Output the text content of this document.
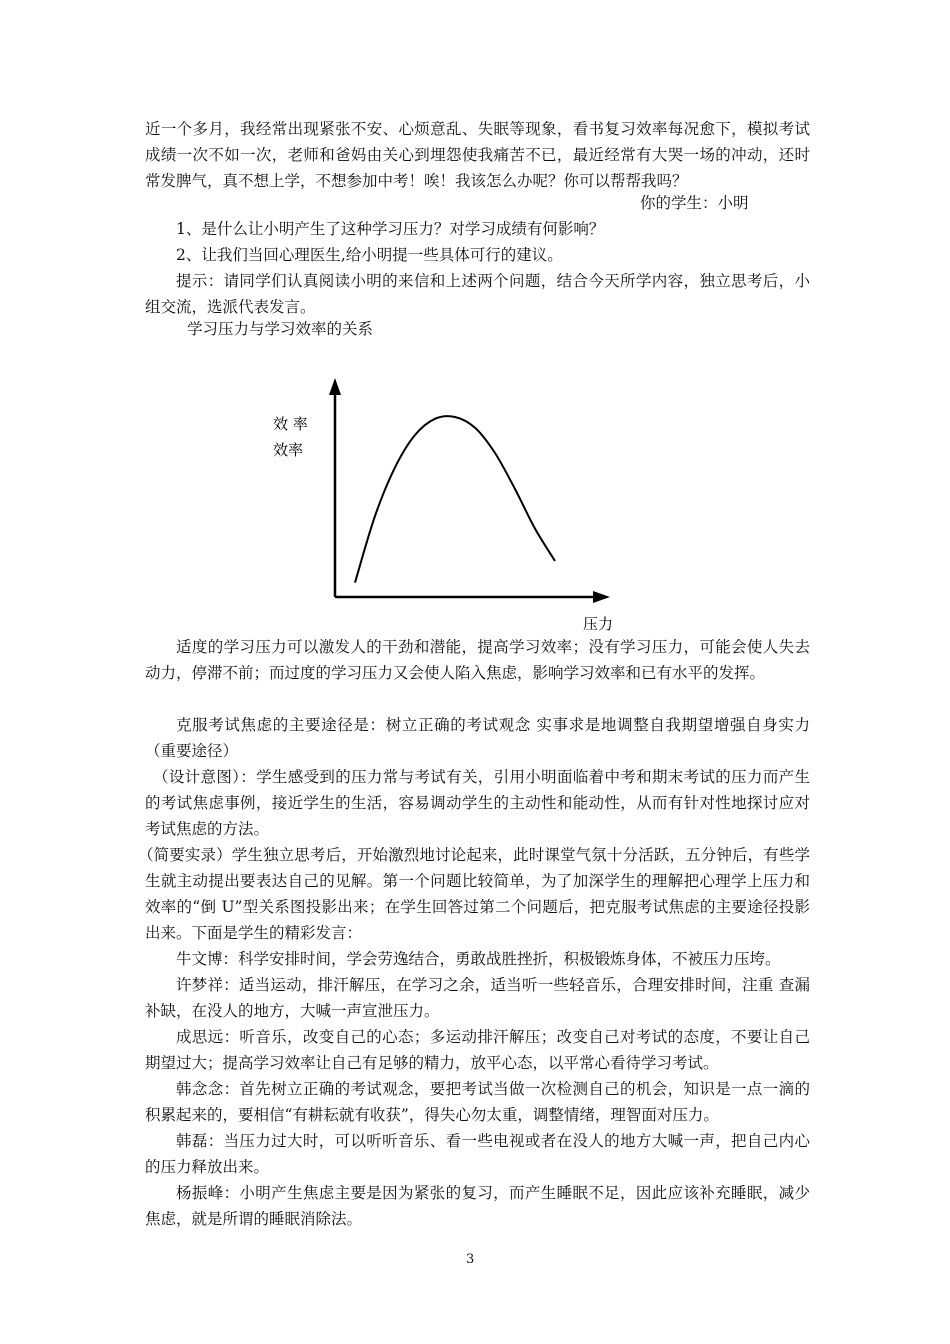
近一个多月，我经常出现紧张不安、心烦意乱、失眠等现象，看书复习效率每况愈下，模拟考试成绩一次不如一次，老师和爸妈由关心到埋怨使我痛苦不已，最近经常有大哭一场的冲动，还时常发脾气，真不想上学，不想参加中考！唉！我该怎么办呢？你可以帮帮我吗？

你的学生：小明

1、是什么让小明产生了这种学习压力？对学习成绩有何影响？

2、让我们当回心理医生,给小明提一些具体可行的建议。

提示：请同学们认真阅读小明的来信和上述两个问题，结合今天所学内容，独立思考后，小组交流，选派代表发言。

学习压力与学习效率的关系
效 率
效率
压力

适度的学习压力可以激发人的干劲和潜能，提高学习效率；没有学习压力，可能会使人失去动力，停滞不前；而过度的学习压力又会使人陷入焦虑，影响学习效率和已有水平的发挥。

克服考试焦虑的主要途径是：树立正确的考试观念 实事求是地调整自我期望增强自身实力（重要途径）

（设计意图）：学生感受到的压力常与考试有关，引用小明面临着中考和期末考试的压力而产生的考试焦虑事例，接近学生的生活，容易调动学生的主动性和能动性，从而有针对性地探讨应对考试焦虑的方法。

（简要实录）学生独立思考后，开始激烈地讨论起来，此时课堂气氛十分活跃，五分钟后，有些学生就主动提出要表达自己的见解。第一个问题比较简单，为了加深学生的理解把心理学上压力和效率的“倒 U”型关系图投影出来；在学生回答过第二个问题后，把克服考试焦虑的主要途径投影出来。下面是学生的精彩发言：

牛文博：科学安排时间，学会劳逸结合，勇敢战胜挫折，积极锻炼身体，不被压力压垮。

许梦祥：适当运动，排汗解压，在学习之余，适当听一些轻音乐，合理安排时间，注重 查漏补缺，在没人的地方，大喊一声宣泄压力。

成思远：听音乐，改变自己的心态；多运动排汗解压；改变自己对考试的态度，不要让自己期望过大；提高学习效率让自己有足够的精力，放平心态，以平常心看待学习考试。

韩念念：首先树立正确的考试观念，要把考试当做一次检测自己的机会，知识是一点一滴的积累起来的，要相信“有耕耘就有收获”，得失心勿太重，调整情绪，理智面对压力。

韩磊：当压力过大时，可以听听音乐、看一些电视或者在没人的地方大喊一声，把自己内心的压力释放出来。

杨振峰：小明产生焦虑主要是因为紧张的复习，而产生睡眠不足，因此应该补充睡眠，减少焦虑，就是所谓的睡眠消除法。

3
